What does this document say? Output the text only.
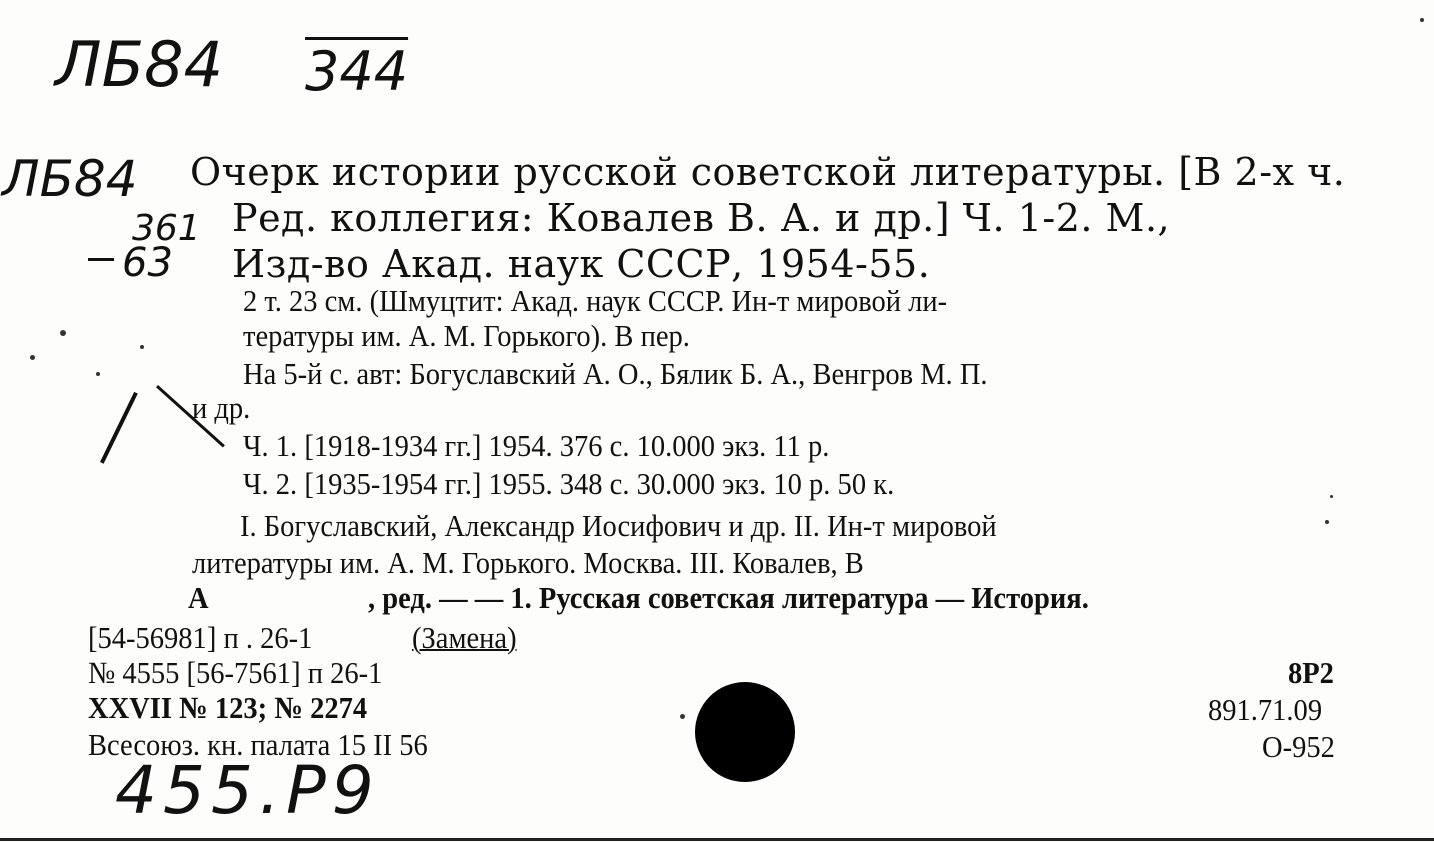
ЛБ84 344
ЛБ84
361
63
Очерк истории русской советской литературы. [В 2-х ч.
Ред. коллегия: Ковалев В. А. и др.] Ч. 1-2. М.,
Изд-во Акад. наук СССР, 1954-55.
2 т. 23 см. (Шмуцтит: Акад. наук СССР. Ин-т мировой ли-
тературы им. А. М. Горького). В пер.
На 5-й с. авт: Богуславский А. О., Бялик Б. А., Венгров М. П.
и др.
Ч. 1. [1918-1934 гг.] 1954. 376 с. 10.000 экз. 11 р.
Ч. 2. [1935-1954 гг.] 1955. 348 с. 30.000 экз. 10 р. 50 к.
I. Богуславский, Александр Иосифович и др. II. Ин-т мировой
литературы им. А. М. Горького. Москва. III. Ковалев, В
А	, ред. — — 1. Русская советская литература — История.
[54-56981] п . 26-1	(Замена)
№ 4555 [56-7561] п 26-1
XXVII № 123; № 2274
Всесоюз. кн. палата 15 II 56
8Р2
891.71.09
О-952
455.Р9
